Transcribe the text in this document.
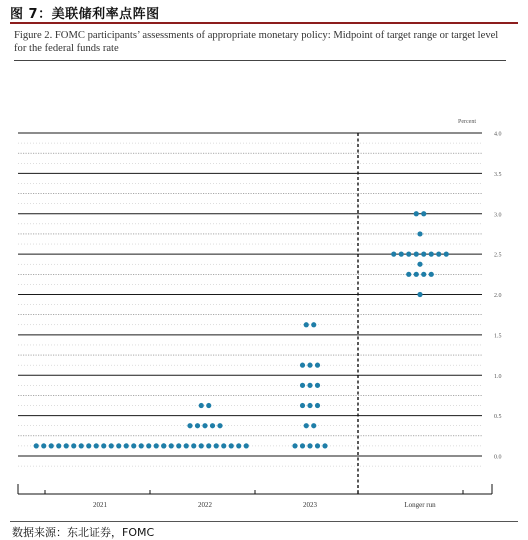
图 7：美联储利率点阵图
Figure 2. FOMC participants’ assessments of appropriate monetary policy: Midpoint of target range or target level for the federal funds rate
0.0
0.5
1.0
1.5
2.0
2.5
3.0
3.5
4.0
Percent
2021	2022	2023	Longer run
数据来源：东北证券，FOMC
